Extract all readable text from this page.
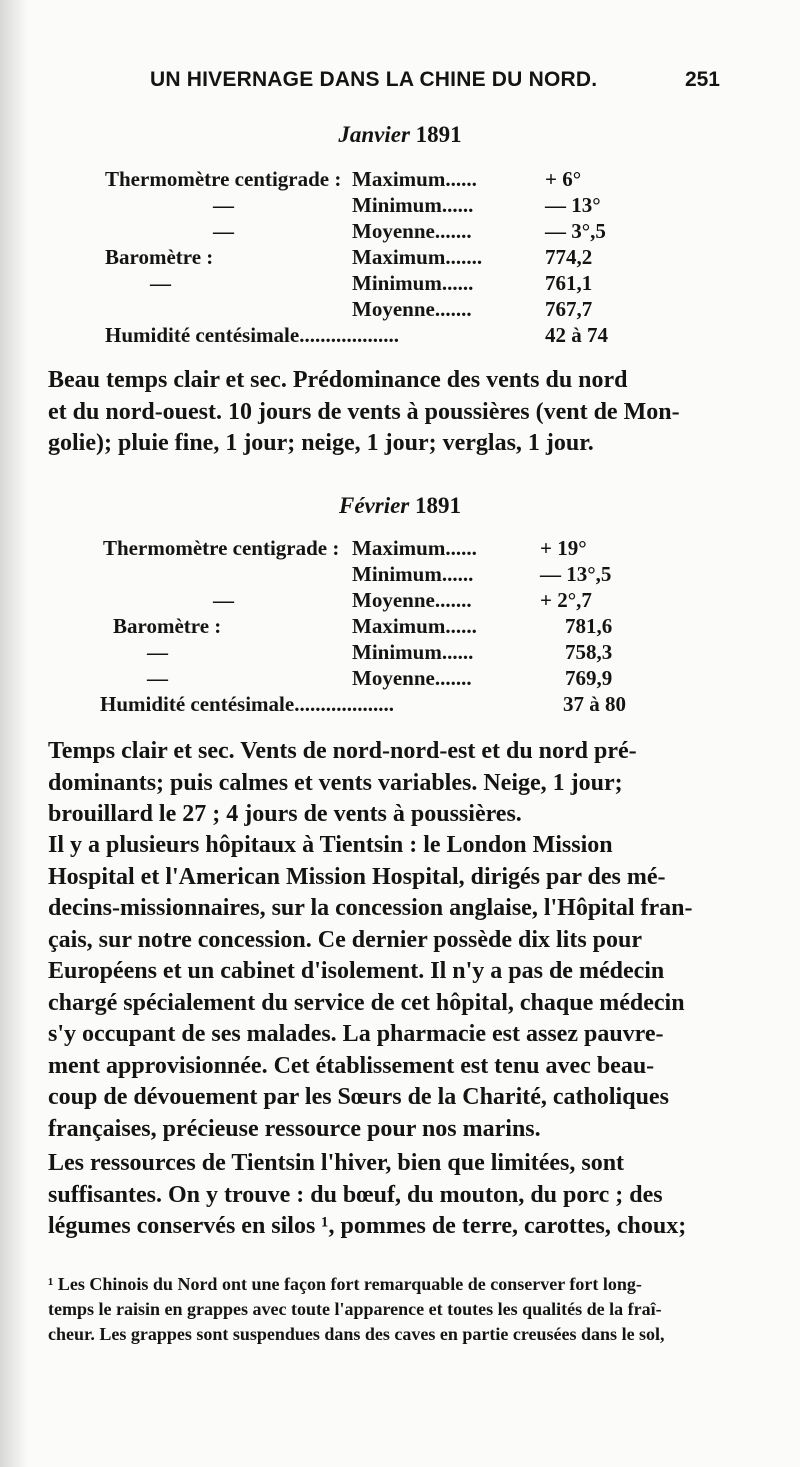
UN HIVERNAGE DANS LA CHINE DU NORD.	251
Janvier 1891
Thermomètre centigrade : Maximum......	+ 6°
—	Minimum......	— 13°
—	Moyenne.......	— 3°,5
Baromètre :	Maximum.......	774,2
—	Minimum......	761,1
Moyenne.......	767,7
Humidité centésimale...................	42 à 74
Beau temps clair et sec. Prédominance des vents du nord
et du nord-ouest. 10 jours de vents à poussières (vent de Mon-
golie); pluie fine, 1 jour; neige, 1 jour; verglas, 1 jour.
Février 1891
Thermomètre centigrade : Maximum......	+ 19°
Minimum......	— 13°,5
—	Moyenne.......	+ 2°,7
Baromètre :	Maximum......	781,6
—	Minimum......	758,3
—	Moyenne.......	769,9
Humidité centésimale...................	37 à 80
Temps clair et sec. Vents de nord-nord-est et du nord pré-
dominants; puis calmes et vents variables. Neige, 1 jour;
brouillard le 27 ; 4 jours de vents à poussières.
Il y a plusieurs hôpitaux à Tientsin : le London Mission
Hospital et l'American Mission Hospital, dirigés par des mé-
decins-missionnaires, sur la concession anglaise, l'Hôpital fran-
çais, sur notre concession. Ce dernier possède dix lits pour
Européens et un cabinet d'isolement. Il n'y a pas de médecin
chargé spécialement du service de cet hôpital, chaque médecin
s'y occupant de ses malades. La pharmacie est assez pauvre-
ment approvisionnée. Cet établissement est tenu avec beau-
coup de dévouement par les Sœurs de la Charité, catholiques
françaises, précieuse ressource pour nos marins.
Les ressources de Tientsin l'hiver, bien que limitées, sont
suffisantes. On y trouve : du bœuf, du mouton, du porc ; des
légumes conservés en silos ¹, pommes de terre, carottes, choux;
¹ Les Chinois du Nord ont une façon fort remarquable de conserver fort long-
temps le raisin en grappes avec toute l'apparence et toutes les qualités de la fraî-
cheur. Les grappes sont suspendues dans des caves en partie creusées dans le sol,
